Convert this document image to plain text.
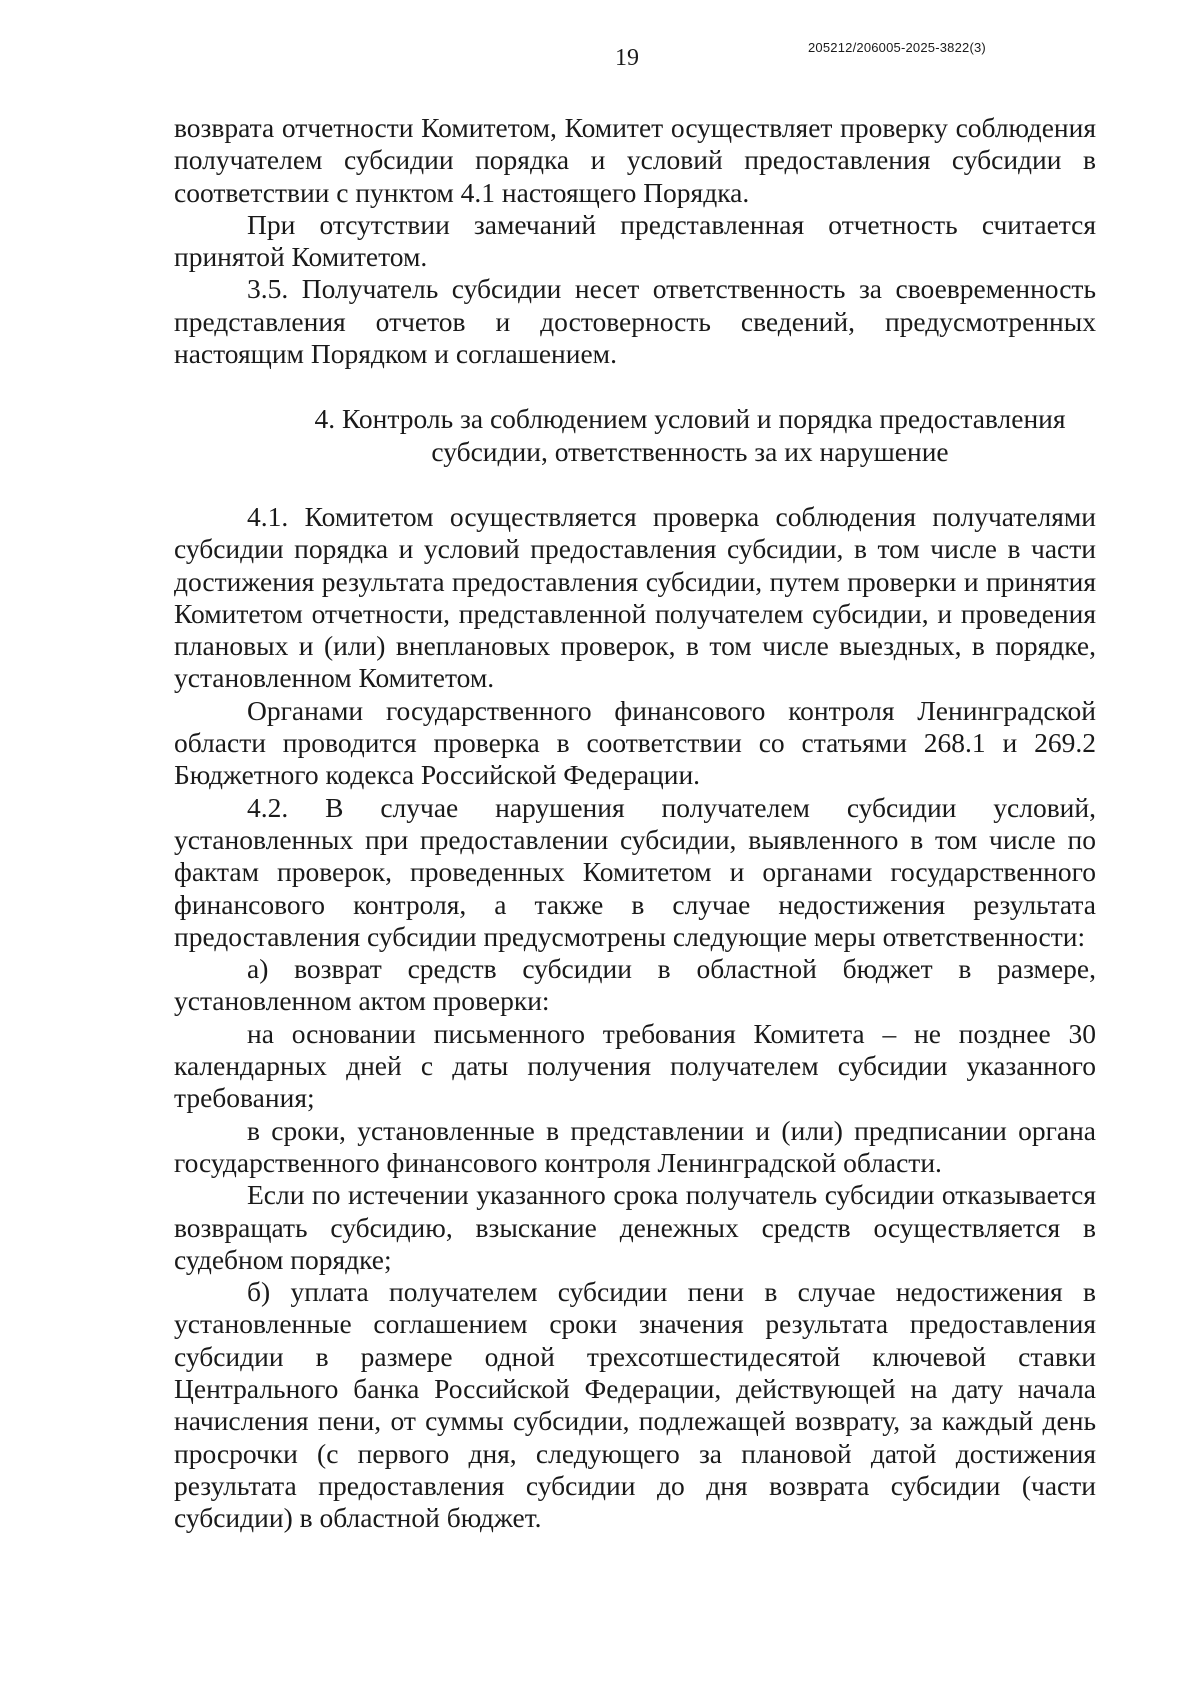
19	205212/206005-2025-3822(3)

возврата отчетности Комитетом, Комитет осуществляет проверку соблюдения получателем субсидии порядка и условий предоставления субсидии в соответствии с пунктом 4.1 настоящего Порядка.

При отсутствии замечаний представленная отчетность считается принятой Комитетом.

3.5. Получатель субсидии несет ответственность за своевременность представления отчетов и достоверность сведений, предусмотренных настоящим Порядком и соглашением.

4. Контроль за соблюдением условий и порядка предоставления

субсидии, ответственность за их нарушение

4.1. Комитетом осуществляется проверка соблюдения получателями субсидии порядка и условий предоставления субсидии, в том числе в части достижения результата предоставления субсидии, путем проверки и принятия Комитетом отчетности, представленной получателем субсидии, и проведения плановых и (или) внеплановых проверок, в том числе выездных, в порядке, установленном Комитетом.

Органами государственного финансового контроля Ленинградской области проводится проверка в соответствии со статьями 268.1 и 269.2 Бюджетного кодекса Российской Федерации.

4.2. В случае нарушения получателем субсидии условий, установленных при предоставлении субсидии, выявленного в том числе по фактам проверок, проведенных Комитетом и органами государственного финансового контроля, а также в случае недостижения результата предоставления субсидии предусмотрены следующие меры ответственности:

а) возврат средств субсидии в областной бюджет в размере, установленном актом проверки:

на основании письменного требования Комитета – не позднее 30 календарных дней с даты получения получателем субсидии указанного требования;

в сроки, установленные в представлении и (или) предписании органа государственного финансового контроля Ленинградской области.

Если по истечении указанного срока получатель субсидии отказывается возвращать субсидию, взыскание денежных средств осуществляется в судебном порядке;

б) уплата получателем субсидии пени в случае недостижения в установленные соглашением сроки значения результата предоставления субсидии в размере одной трехсотшестидесятой ключевой ставки Центрального банка Российской Федерации, действующей на дату начала начисления пени, от суммы субсидии, подлежащей возврату, за каждый день просрочки (с первого дня, следующего за плановой датой достижения результата предоставления субсидии до дня возврата субсидии (части субсидии) в областной бюджет.
